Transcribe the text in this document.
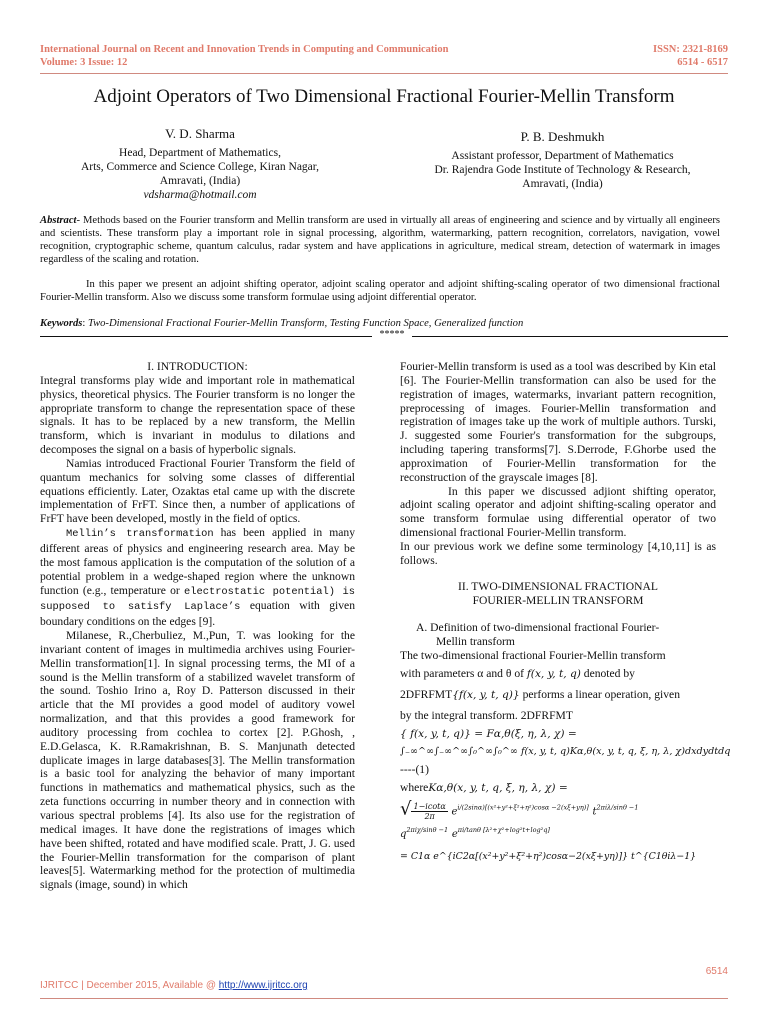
International Journal on Recent and Innovation Trends in Computing and Communication
Volume: 3 Issue: 12
ISSN: 2321-8169
6514 - 6517
Adjoint Operators of Two Dimensional Fractional Fourier-Mellin Transform
V. D. Sharma
Head, Department of Mathematics,
Arts, Commerce and Science College, Kiran Nagar,
Amravati, (India)
vdsharma@hotmail.com
P. B. Deshmukh
Assistant professor, Department of Mathematics
Dr. Rajendra Gode Institute of Technology & Research,
Amravati, (India)
Abstract- Methods based on the Fourier transform and Mellin transform are used in virtually all areas of engineering and science and by virtually all engineers and scientists. These transform play a important role in signal processing, algorithm, watermarking, pattern recognition, correlators, navigation, vowel recognition, cryptographic scheme, quantum calculus, radar system and have applications in agriculture, medical stream, detection of watermark in images regardless of the scaling and rotation.
In this paper we present an adjoint shifting operator, adjoint scaling operator and adjoint shifting-scaling operator of two dimensional fractional Fourier-Mellin transform. Also we discuss some transform formulae using adjoint differential operator.
Keywords: Two-Dimensional Fractional Fourier-Mellin Transform, Testing Function Space, Generalized function
*****

I. INTRODUCTION:

Integral transforms play wide and important role in mathematical physics, theoretical physics. The Fourier transform is no longer the appropriate transform to change the representation space of these signals. It has to be replaced by a new transform, the Mellin transform, which is invariant in modulus to dilations and decomposes the signal on a basis of hyperbolic signals.

Namias introduced Fractional Fourier Transform the field of quantum mechanics for solving some classes of differential equations efficiently. Later, Ozaktas etal came up with the discrete implementation of FrFT. Since then, a number of applications of FrFT have been developed, mostly in the field of optics.

Mellin’s transformation has been applied in many different areas of physics and engineering research area. May be the most famous application is the computation of the solution of a potential problem in a wedge-shaped region where the unknown function (e.g., temperature or electrostatic potential) is supposed to satisfy Laplace’s equation with given boundary conditions on the edges [9].

Milanese, R.,Cherbuliez, M.,Pun, T. was looking for the invariant content of images in multimedia archives using Fourier-Mellin transformation[1]. In signal processing terms, the MI of a sound is the Mellin transform of a stabilized wavelet transform of the sound. Toshio Irino a, Roy D. Patterson discussed in their article that the MI provides a good model of auditory vowel normalization, and that this provides a good framework for auditory processing from cochlea to cortex [2]. P.Ghosh, , E.D.Gelasca, K. R.Ramakrishnan, B. S. Manjunath detected duplicate images in large databases[3]. The Mellin transformation is a basic tool for analyzing the behavior of many important functions in mathematics and mathematical physics, such as the zeta functions occurring in number theory and in connection with various spectral problems [4]. Its also use for the registration of medical images. It have done the registrations of images which have been shifted, rotated and have modified scale. Pratt, J. G. used the Fourier-Mellin transformation for the comparison of plant leaves[5]. Watermarking method for the protection of multimedia signals (image, sound) in which

Fourier-Mellin transform is used as a tool was described by Kin etal [6]. The Fourier-Mellin transformation can also be used for the registration of images, watermarks, invariant pattern recognition, preprocessing of images. Fourier-Mellin transformation and registration of images take up the work of multiple authors. Turski, J. suggested some Fourier's transformation for the subgroups, including tapering transforms[7]. S.Derrode, F.Ghorbe used the approximation of Fourier-Mellin transformation for the reconstruction of the grayscale images [8].

In this paper we discussed adjiont shifting operator, adjoint scaling operator and adjoint shifting-scaling operator and some transform formulae using differential operator of two dimensional fractional Fourier-Mellin transform.

In our previous work we define some terminology [4,10,11] is as follows.

II. TWO-DIMENSIONAL FRACTIONAL

FOURIER-MELLIN TRANSFORM

A. Definition of two-dimensional fractional Fourier-

Mellin transform

The two-dimensional fractional Fourier-Mellin transform

with parameters α and θ of f(x, y, t, q) denoted by

2DFRFMT{f(x, y, t, q)} performs a linear operation, given

by the integral transform. 2DFRFMT

{ f(x, y, t, q)} = Fα,θ(ξ, η, λ, χ) =

∫₋∞^∞∫₋∞^∞∫₀^∞∫₀^∞ f(x, y, t, q)Kα,θ(x, y, t, q, ξ, η, λ, χ)dxdydtdq

----(1)

whereKα,θ(x, y, t, q, ξ, η, λ, χ) =

√ $\frac{1-icot\alpha}{2\pi} e^{i/(2sin\alpha)[(x^2+y^2+\xi^2+\eta^2)cos\alpha -2(x\xi+y\eta)]}$ $t^{2\pi i\lambda/sin\theta -1}$
$q^{2\pi i\chi/sin\theta -1}$ $e^{\pi i/tan\theta [\lambda^2+\chi^2+log^2t+log^2q]}$

= C1α e^{iC2α[(x²+y²+ξ²+η²)cosα−2(xξ+yη)]} t^{C1θiλ−1}

6514
IJRITCC | December 2015, Available @ http://www.ijritcc.org
